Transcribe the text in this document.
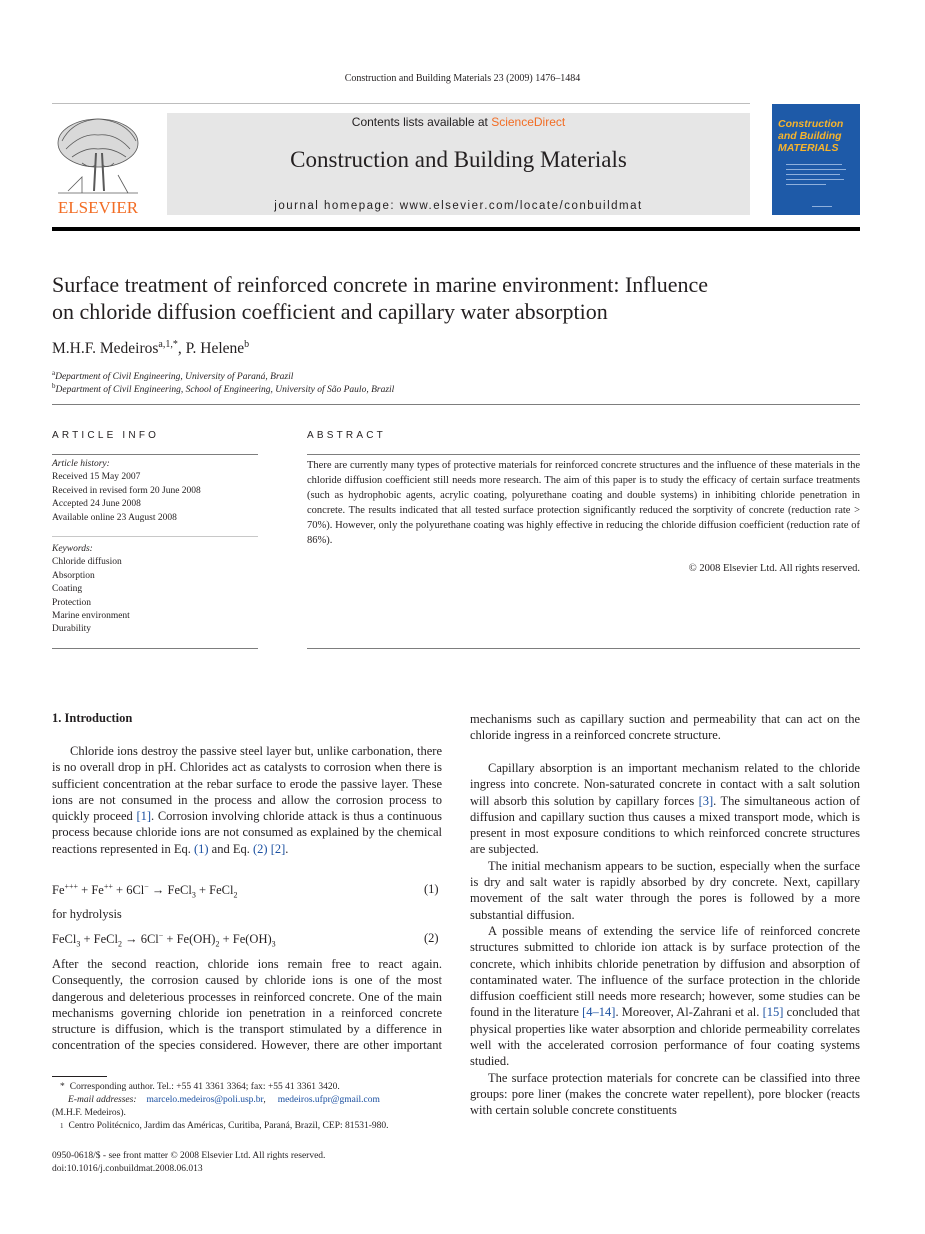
Construction and Building Materials 23 (2009) 1476–1484
ELSEVIER
Contents lists available at ScienceDirect
Construction and Building Materials
journal homepage: www.elsevier.com/locate/conbuildmat
Construction
and Building
MATERIALS
Surface treatment of reinforced concrete in marine environment: Influence
on chloride diffusion coefficient and capillary water absorption
M.H.F. Medeiros$^{a,1,*}$, P. Helene$^b$
$^a$Department of Civil Engineering, University of Paraná, Brazil
$^b$Department of Civil Engineering, School of Engineering, University of São Paulo, Brazil
ARTICLE INFO
Article history:
Received 15 May 2007
Received in revised form 20 June 2008
Accepted 24 June 2008
Available online 23 August 2008
Keywords:
Chloride diffusion
Absorption
Coating
Protection
Marine environment
Durability
ABSTRACT
There are currently many types of protective materials for reinforced concrete structures and the influence of these materials in the chloride diffusion coefficient still needs more research. The aim of this paper is to study the efficacy of certain surface treatments (such as hydrophobic agents, acrylic coating, polyurethane coating and double systems) in inhibiting chloride penetration in concrete. The results indicated that all tested surface protection significantly reduced the sorptivity of concrete (reduction rate > 70%). However, only the polyurethane coating was highly effective in reducing the chloride diffusion coefficient (reduction rate of 86%).
© 2008 Elsevier Ltd. All rights reserved.
1. Introduction

Chloride ions destroy the passive steel layer but, unlike carbonation, there is no overall drop in pH. Chlorides act as catalysts to corrosion when there is sufficient concentration at the rebar surface to erode the passive layer. These ions are not consumed in the process and allow the corrosion process to quickly proceed [1]. Corrosion involving chloride attack is thus a continuous process because chloride ions are not consumed as explained by the chemical reactions represented in Eq. (1) and Eq. (2) [2].

Fe+++ + Fe++ + 6Cl− → FeCl$_3$ + FeCl$_2$	(1)
for hydrolysis
FeCl$_3$ + FeCl$_2$ → $6Cl^- + Fe(OH)_2 + Fe(OH)_3$	(2)

After the second reaction, chloride ions remain free to react again. Consequently, the corrosion caused by chloride ions is one of the most dangerous and deleterious processes in reinforced concrete. One of the main mechanisms governing chloride ion penetration in a reinforced concrete structure is diffusion, which is the transport stimulated by a difference in concentration of the species considered. However, there are other important

mechanisms such as capillary suction and permeability that can act on the chloride ingress in a reinforced concrete structure.

Capillary absorption is an important mechanism related to the chloride ingress into concrete. Non-saturated concrete in contact with a salt solution will absorb this solution by capillary forces [3]. The simultaneous action of diffusion and capillary suction thus causes a mixed transport mode, which is present in most exposure conditions to which reinforced concrete structures are subjected.

The initial mechanism appears to be suction, especially when the surface is dry and salt water is rapidly absorbed by dry concrete. Next, capillary movement of the salt water through the pores is followed by a more substantial diffusion.

A possible means of extending the service life of reinforced concrete structures submitted to chloride ion attack is by surface protection of the concrete, which inhibits chloride penetration by diffusion and absorption of contaminated water. The influence of the surface protection in the chloride diffusion coefficient still needs more research; however, some studies can be found in the literature [4–14]. Moreover, Al-Zahrani et al. [15] concluded that physical properties like water absorption and chloride permeability correlates well with the accelerated corrosion performance of four coating systems studied.

The surface protection materials for concrete can be classified into three groups: pore liner (makes the concrete water repellent), pore blocker (reacts with certain soluble concrete constituents

* Corresponding author. Tel.: +55 41 3361 3364; fax: +55 41 3361 3420.
E-mail addresses: marcelo.medeiros@poli.usp.br, medeiros.ufpr@gmail.com
(M.H.F. Medeiros).
$^1$ Centro Politécnico, Jardim das Américas, Curitiba, Paraná, Brazil, CEP: 81531-980.
0950-0618/$ - see front matter © 2008 Elsevier Ltd. All rights reserved.
doi:10.1016/j.conbuildmat.2008.06.013
